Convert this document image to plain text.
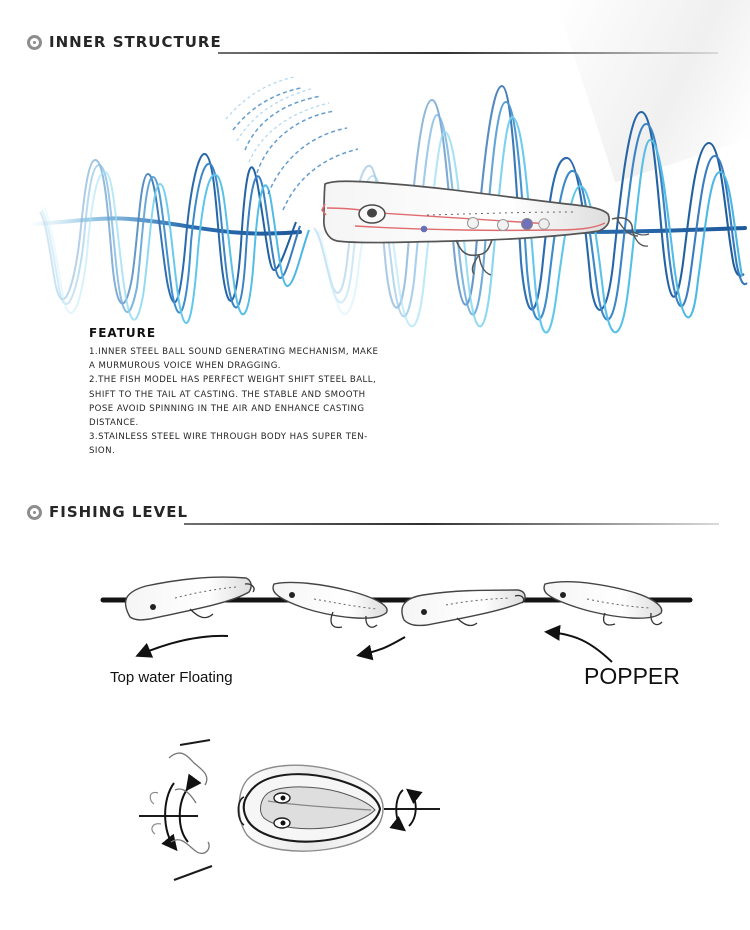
INNER STRUCTURE
FEATURE
1.INNER STEEL BALL SOUND GENERATING MECHANISM, MAKE
A MURMUROUS VOICE WHEN DRAGGING.
2.THE FISH MODEL HAS PERFECT WEIGHT SHIFT STEEL BALL,
SHIFT TO THE TAIL AT CASTING. THE STABLE AND SMOOTH
POSE AVOID SPINNING IN THE AIR AND ENHANCE CASTING
DISTANCE.
3.STAINLESS STEEL WIRE THROUGH BODY HAS SUPER TEN-
SION.
FISHING LEVEL
Top water Floating	POPPER
